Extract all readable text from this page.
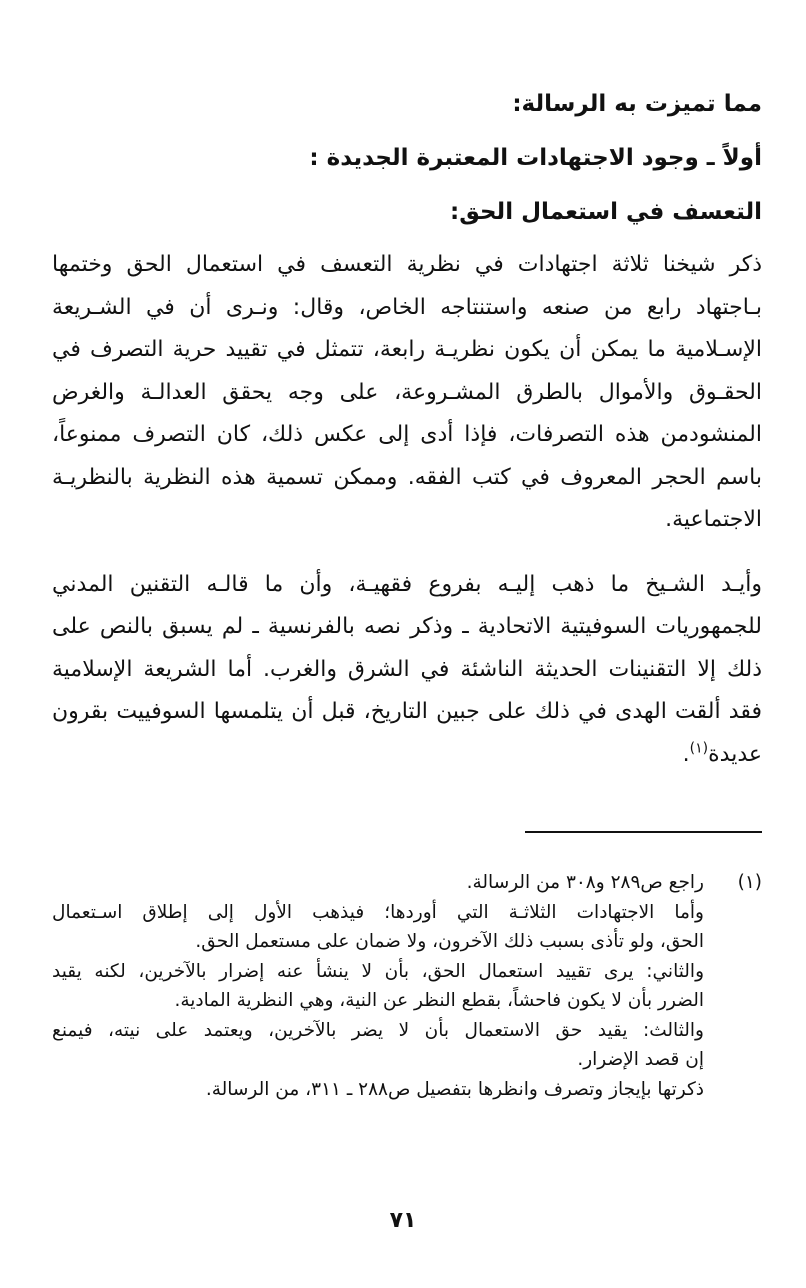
مما تميزت به الرسالة:
أولاً ـ وجود الاجتهادات المعتبرة الجديدة :
التعسف في استعمال الحق:
ذكر شيخنا ثلاثة اجتهادات في نظرية التعسف في استعمال الحق وختمها
بـاجتهاد رابع من صنعه واستنتاجه الخاص، وقال: ونـرى أن في الشـريعة
الإسـلامية ما يمكن أن يكون نظريـة رابعة، تتمثل في تقييد حرية التصرف في
الحقـوق والأموال بالطرق المشـروعة، على وجه يحقق العدالـة والغرض
المنشودمن هذه التصرفات، فإذا أدى إلى عكس ذلك، كان التصرف ممنوعاً،
باسم الحجر المعروف في كتب الفقه. وممكن تسمية هذه النظرية بالنظريـة
الاجتماعية.
وأيـد الشـيخ ما ذهب إليـه بفروع فقهيـة، وأن ما قالـه التقنين المدني
للجمهوريات السوفيتية الاتحادية ـ وذكر نصه بالفرنسية ـ لم يسبق بالنص على
ذلك إلا التقنينات الحديثة الناشئة في الشرق والغرب. أما الشريعة الإسلامية
فقد ألقت الهدى في ذلك على جبين التاريخ، قبل أن يتلمسها السوفييت بقرون
عديدة$^{(١)}$.
(١)
راجع ص٢٨٩ و٣٠٨ من الرسالة.
وأما الاجتهادات الثلاثـة التي أوردها؛ فيذهب الأول إلى إطلاق اسـتعمال
الحق، ولو تأذى بسبب ذلك الآخرون، ولا ضمان على مستعمل الحق.
والثاني: يرى تقييد استعمال الحق، بأن لا ينشأ عنه إضرار بالآخرين، لكنه يقيد
الضرر بأن لا يكون فاحشاً، بقطع النظر عن النية، وهي النظرية المادية.
والثالث: يقيد حق الاستعمال بأن لا يضر بالآخرين، ويعتمد على نيته، فيمنع
إن قصد الإضرار.
ذكرتها بإيجاز وتصرف وانظرها بتفصيل ص٢٨٨ ـ ٣١١، من الرسالة.
٧١
